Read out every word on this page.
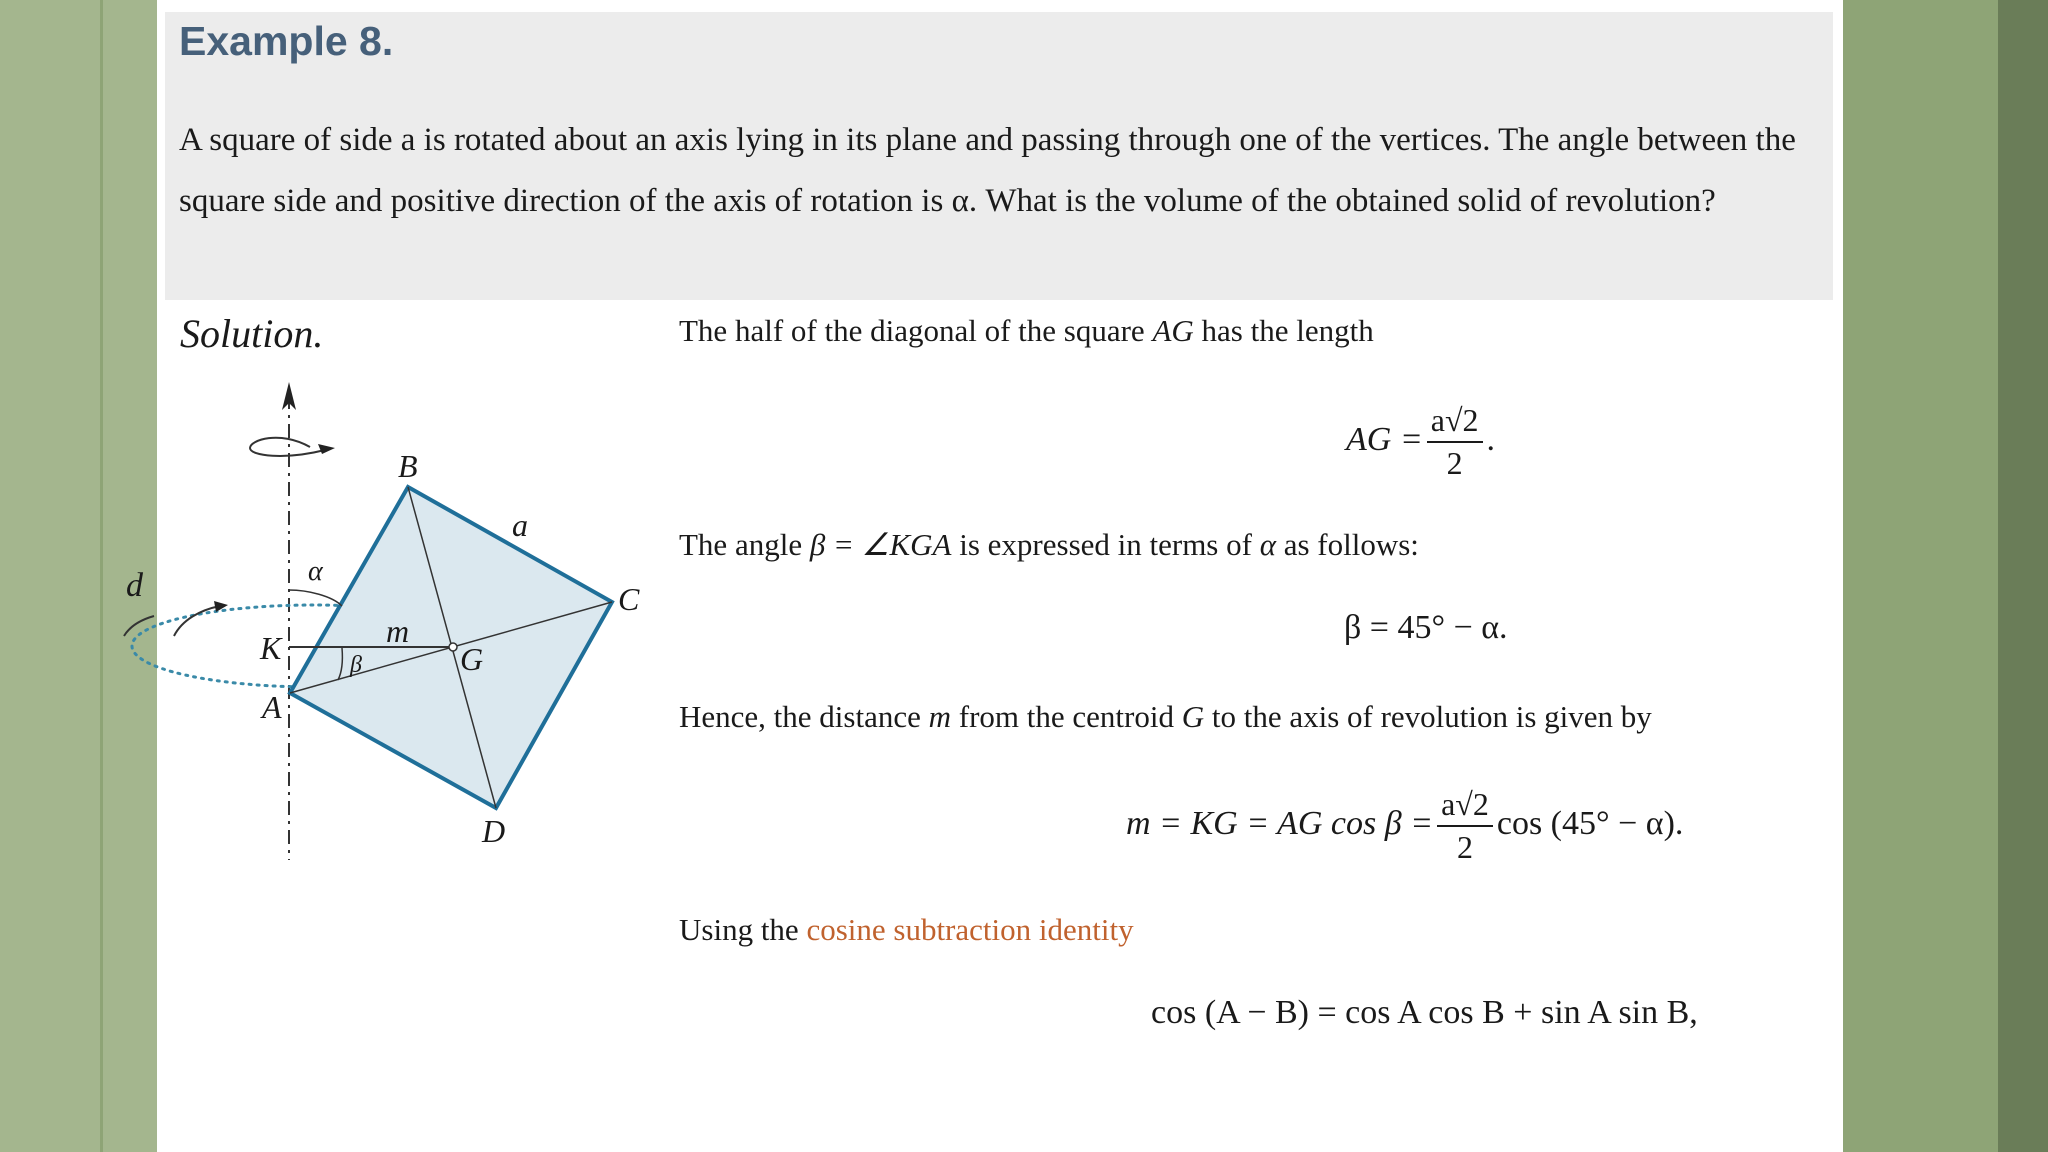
Example 8.
A square of side a is rotated about an axis lying in its plane and passing through one of the vertices. The angle between the square side and positive direction of the axis of rotation is α. What is the volume of the obtained solid of revolution?
Solution.	The half of the diagonal of the square AG has the length
AG = $\frac{a√2}{2}$ .
The angle β = ∠KGA is expressed in terms of α as follows:
β = 45° − α.
Hence, the distance m from the centroid G to the axis of revolution is given by
m = KG = AG $\cos \beta = \frac{a√2}{2}$ cos (45° − α).
Using the cosine subtraction identity
cos (A − B) = cos A cos B + sin A sin B,
B
C
D
A
K	G
a
m
α
β
d
